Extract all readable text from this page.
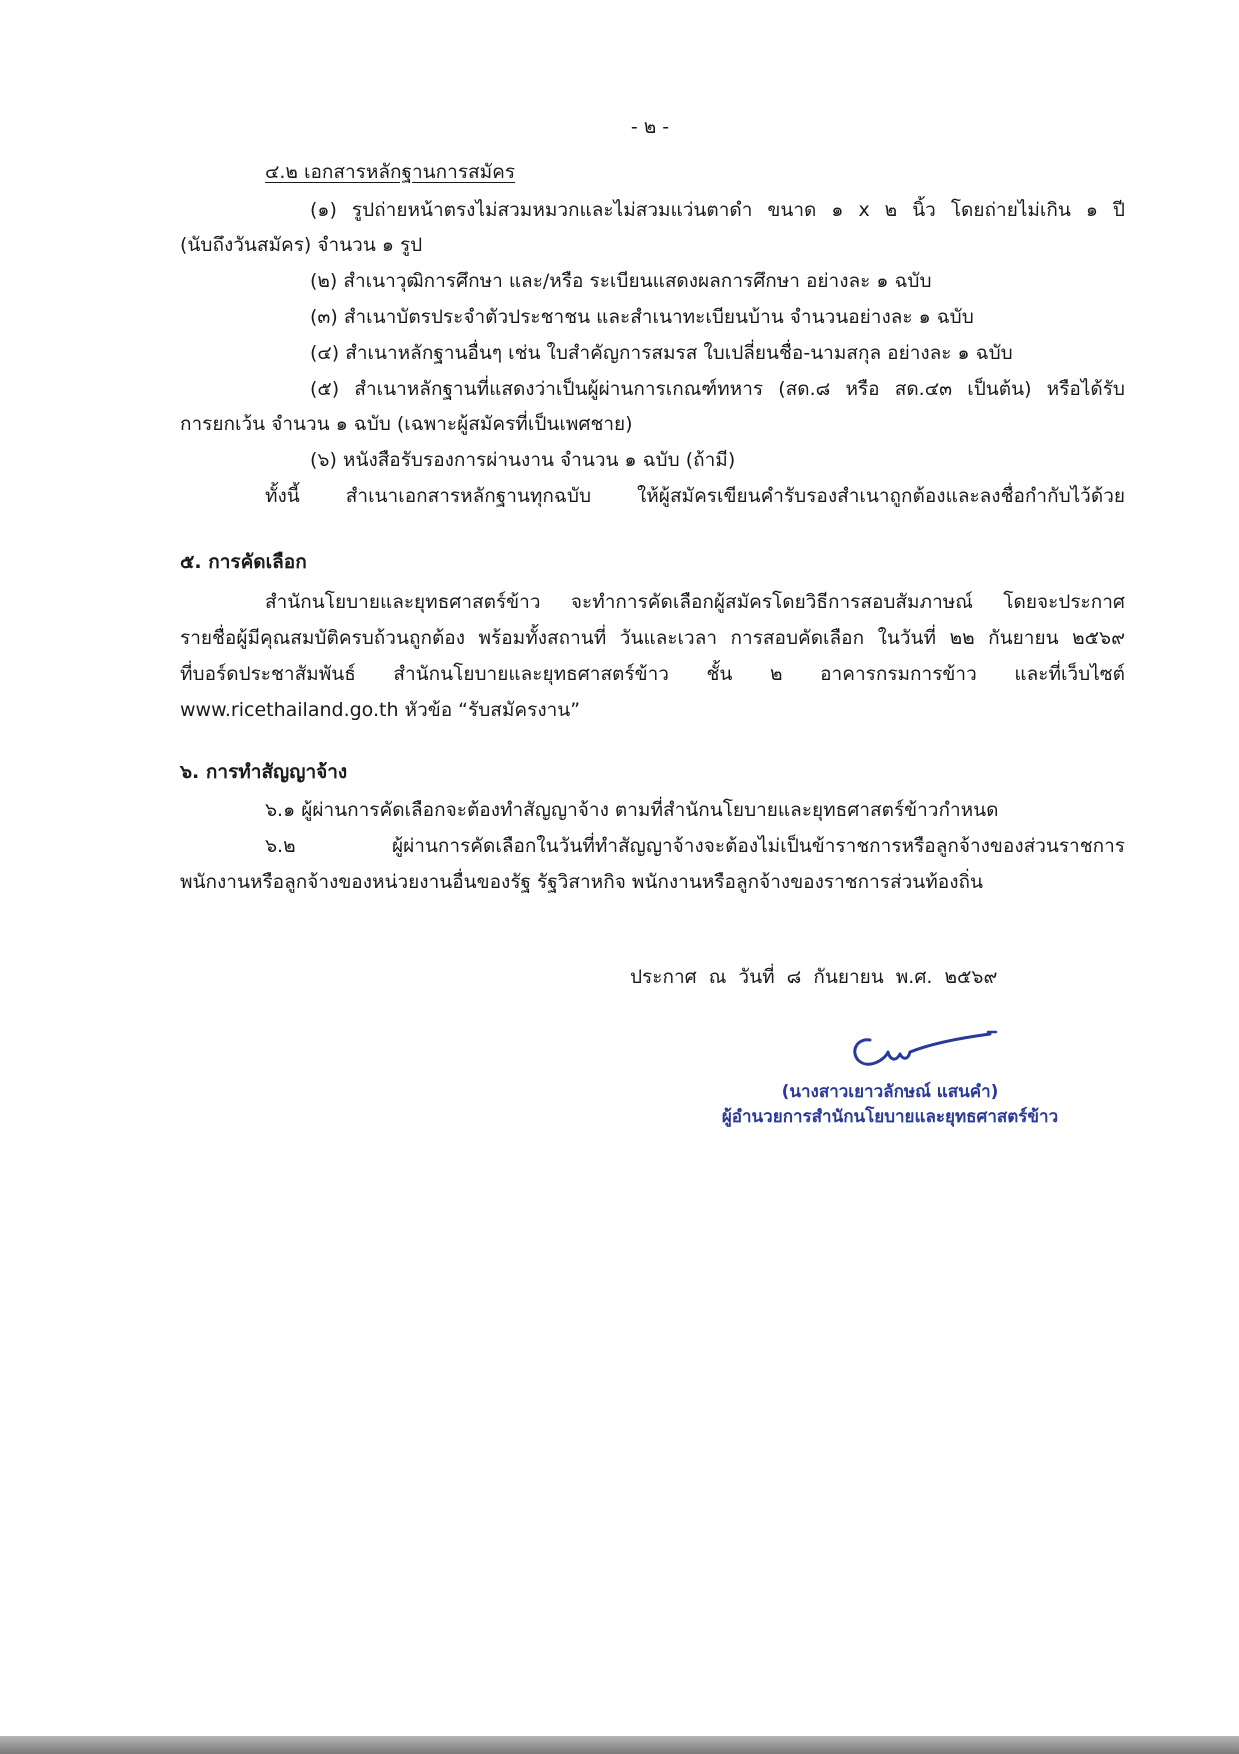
- ๒ -
๔.๒ เอกสารหลักฐานการสมัคร
(๑) รูปถ่ายหน้าตรงไม่สวมหมวกและไม่สวมแว่นตาดำ ขนาด ๑ x ๒ นิ้ว โดยถ่ายไม่เกิน ๑ ปี
(นับถึงวันสมัคร) จำนวน ๑ รูป
(๒) สำเนาวุฒิการศึกษา และ/หรือ ระเบียนแสดงผลการศึกษา อย่างละ ๑ ฉบับ
(๓) สำเนาบัตรประจำตัวประชาชน และสำเนาทะเบียนบ้าน จำนวนอย่างละ ๑ ฉบับ
(๔) สำเนาหลักฐานอื่นๆ เช่น ใบสำคัญการสมรส ใบเปลี่ยนชื่อ-นามสกุล อย่างละ ๑ ฉบับ
(๕) สำเนาหลักฐานที่แสดงว่าเป็นผู้ผ่านการเกณฑ์ทหาร (สด.๘ หรือ สด.๔๓ เป็นต้น) หรือได้รับ
การยกเว้น จำนวน ๑ ฉบับ (เฉพาะผู้สมัครที่เป็นเพศชาย)
(๖) หนังสือรับรองการผ่านงาน จำนวน ๑ ฉบับ (ถ้ามี)
ทั้งนี้ สำเนาเอกสารหลักฐานทุกฉบับ ให้ผู้สมัครเขียนคำรับรองสำเนาถูกต้องและลงชื่อกำกับไว้ด้วย
๕. การคัดเลือก
สำนักนโยบายและยุทธศาสตร์ข้าว จะทำการคัดเลือกผู้สมัครโดยวิธีการสอบสัมภาษณ์ โดยจะประกาศ
รายชื่อผู้มีคุณสมบัติครบถ้วนถูกต้อง พร้อมทั้งสถานที่ วันและเวลา การสอบคัดเลือก ในวันที่ ๒๒ กันยายน ๒๕๖๙
ที่บอร์ดประชาสัมพันธ์ สำนักนโยบายและยุทธศาสตร์ข้าว ชั้น ๒ อาคารกรมการข้าว และที่เว็บไซต์
www.ricethailand.go.th หัวข้อ “รับสมัครงาน”
๖. การทำสัญญาจ้าง
๖.๑ ผู้ผ่านการคัดเลือกจะต้องทำสัญญาจ้าง ตามที่สำนักนโยบายและยุทธศาสตร์ข้าวกำหนด
๖.๒ ผู้ผ่านการคัดเลือกในวันที่ทำสัญญาจ้างจะต้องไม่เป็นข้าราชการหรือลูกจ้างของส่วนราชการ
พนักงานหรือลูกจ้างของหน่วยงานอื่นของรัฐ รัฐวิสาหกิจ พนักงานหรือลูกจ้างของราชการส่วนท้องถิ่น
ประกาศ ณ วันที่ ๘ กันยายน พ.ศ. ๒๕๖๙
(นางสาวเยาวลักษณ์ แสนคำ)
ผู้อำนวยการสำนักนโยบายและยุทธศาสตร์ข้าว
